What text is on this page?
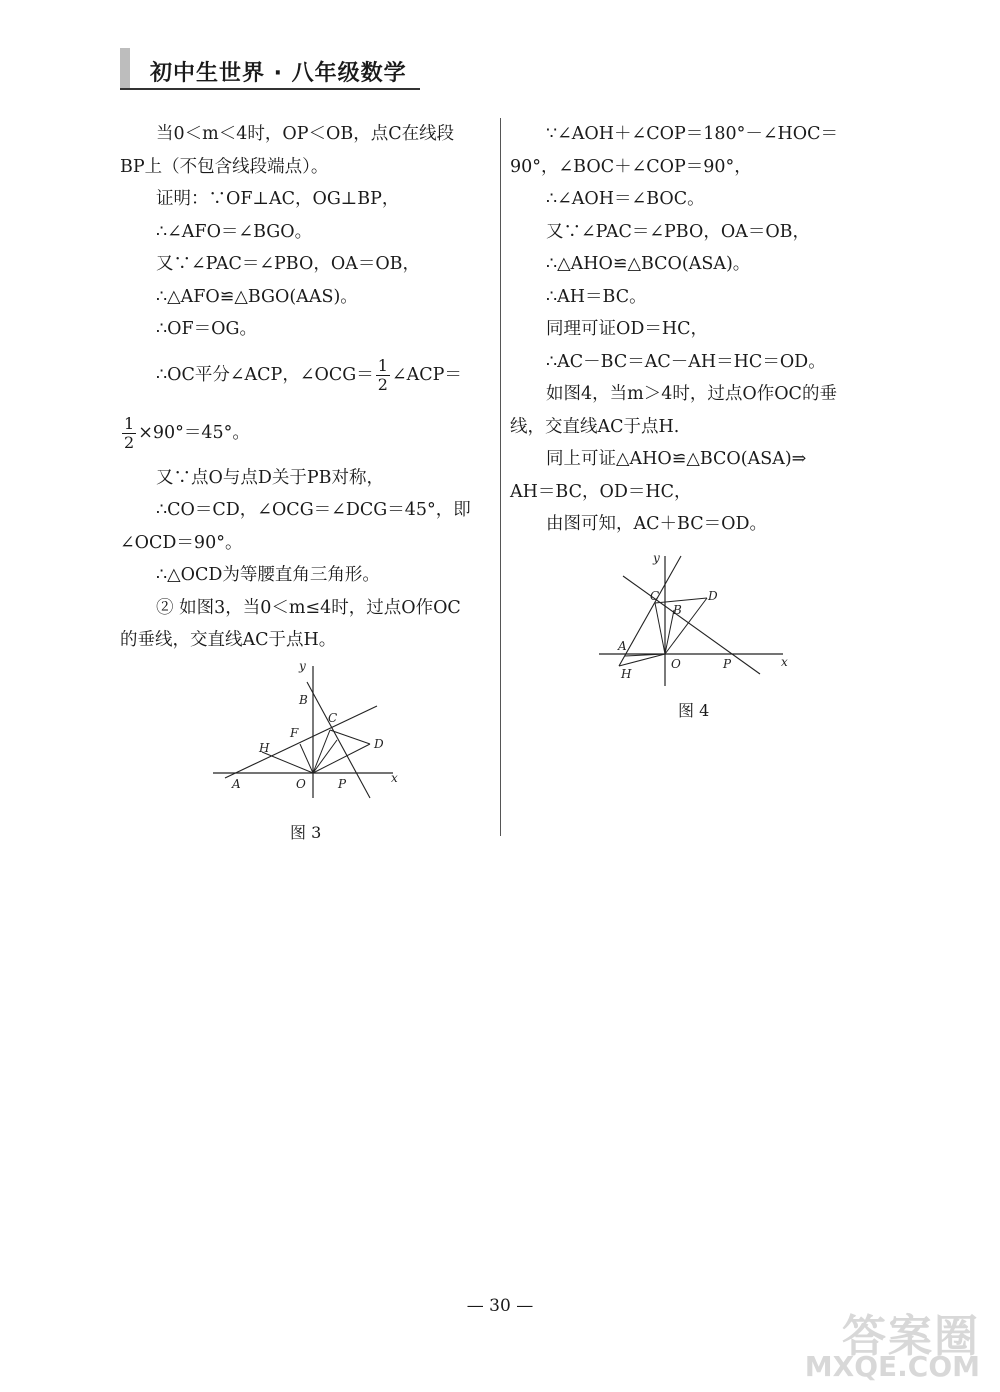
初中生世界 · 八年级数学
当0＜m＜4时，OP＜OB，点C在线段
BP上（不包含线段端点）。
证明：∵OF⊥AC，OG⊥BP，
∴∠AFO＝∠BGO。
又∵∠PAC＝∠PBO，OA＝OB，
∴△AFO≌△BGO(AAS)。
∴OF＝OG。
∴OC平分∠ACP，∠OCG＝ $\frac{1}{2}$ ∠ACP＝
$\frac{1}{2} \times 90^\circ=45^\circ$。
又∵点O与点D关于PB对称，
∴CO＝CD，∠OCG＝∠DCG＝45°，即
∠OCD＝90°。
∴△OCD为等腰直角三角形。
② 如图3，当0＜m≤4时，过点O作OC
的垂线，交直线AC于点H。
y
x
B
C
F
H	D
A	O	P
图 3
∵∠AOH＋∠COP＝180°－∠HOC＝
90°，∠BOC＋∠COP＝90°，
∴∠AOH＝∠BOC。
又∵∠PAC＝∠PBO，OA＝OB，
∴△AHO≌△BCO(ASA)。
∴AH＝BC。
同理可证OD＝HC，
∴AC－BC＝AC－AH＝HC＝OD。
如图4，当m＞4时，过点O作OC的垂
线，交直线AC于点H.
同上可证△AHO≌△BCO(ASA)⇒
AH＝BC，OD＝HC，
由图可知，AC＋BC＝OD。
y
x
C
B
D
A
H
O	P
图 4
— 30 —
答案圈
MXQE.COM
